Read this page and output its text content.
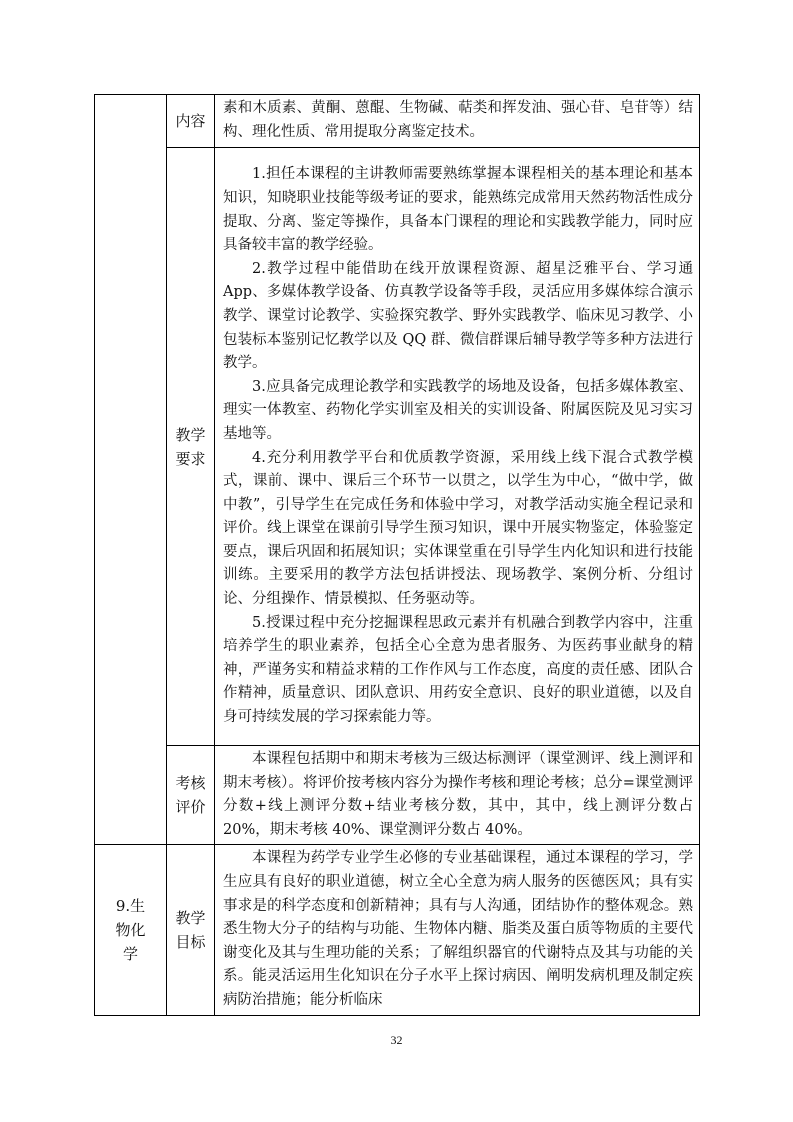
	内容	素和木质素、黄酮、蒽醌、生物碱、萜类和挥发油、强心苷、皂苷等）结构、理化性质、常用提取分离鉴定技术。

	教学要求	1.担任本课程的主讲教师需要熟练掌握本课程相关的基本理论和基本知识，知晓职业技能等级考证的要求，能熟练完成常用天然药物活性成分提取、分离、鉴定等操作，具备本门课程的理论和实践教学能力，同时应具备较丰富的教学经验。

2.教学过程中能借助在线开放课程资源、超星泛雅平台、学习通 App、多媒体教学设备、仿真教学设备等手段，灵活应用多媒体综合演示教学、课堂讨论教学、实验探究教学、野外实践教学、临床见习教学、小包装标本鉴别记忆教学以及 QQ 群、微信群课后辅导教学等多种方法进行教学。

3.应具备完成理论教学和实践教学的场地及设备，包括多媒体教室、理实一体教室、药物化学实训室及相关的实训设备、附属医院及见习实习基地等。

4.充分利用教学平台和优质教学资源，采用线上线下混合式教学模式，课前、课中、课后三个环节一以贯之，以学生为中心，“做中学，做中教”，引导学生在完成任务和体验中学习，对教学活动实施全程记录和评价。线上课堂在课前引导学生预习知识，课中开展实物鉴定，体验鉴定要点，课后巩固和拓展知识；实体课堂重在引导学生内化知识和进行技能训练。主要采用的教学方法包括讲授法、现场教学、案例分析、分组讨论、分组操作、情景模拟、任务驱动等。

5.授课过程中充分挖掘课程思政元素并有机融合到教学内容中，注重培养学生的职业素养，包括全心全意为患者服务、为医药事业献身的精神，严谨务实和精益求精的工作作风与工作态度，高度的责任感、团队合作精神，质量意识、团队意识、用药安全意识、良好的职业道德，以及自身可持续发展的学习探索能力等。

	考核评价	本课程包括期中和期末考核为三级达标测评（课堂测评、线上测评和期末考核）。将评价按考核内容分为操作考核和理论考核；总分=课堂测评分数+线上测评分数+结业考核分数，其中，其中，线上测评分数占 20%，期末考核 40%、课堂测评分数占 40%。

9.生物化学	教学目标	本课程为药学专业学生必修的专业基础课程，通过本课程的学习，学生应具有良好的职业道德，树立全心全意为病人服务的医德医风；具有实事求是的科学态度和创新精神；具有与人沟通，团结协作的整体观念。熟悉生物大分子的结构与功能、生物体内糖、脂类及蛋白质等物质的主要代谢变化及其与生理功能的关系；了解组织器官的代谢特点及其与功能的关系。能灵活运用生化知识在分子水平上探讨病因、阐明发病机理及制定疾病防治措施；能分析临床

32
